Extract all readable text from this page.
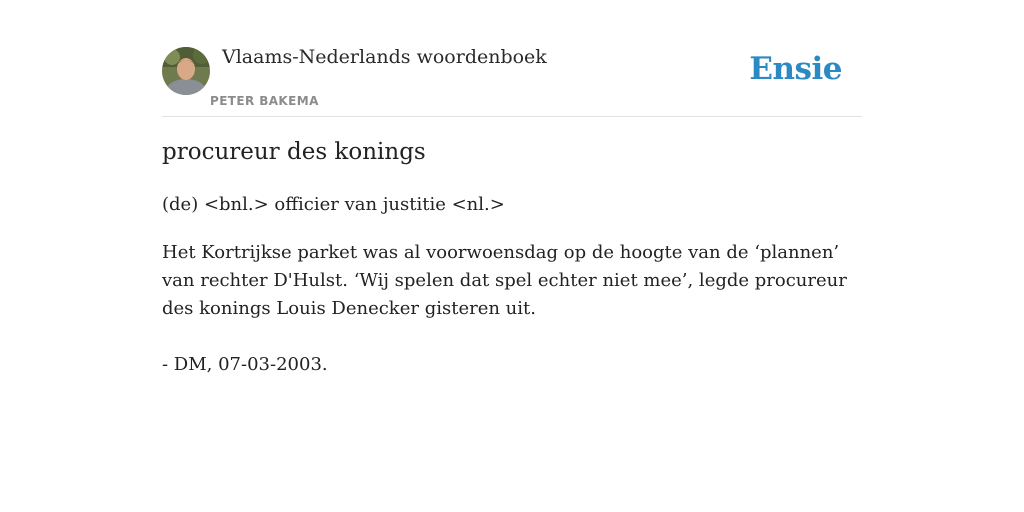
Vlaams-Nederlands woordenboek
PETER BAKEMA
Ensie
procureur des konings
(de) <bnl.> officier van justitie <nl.>
Het Kortrijkse parket was al voorwoensdag op de hoogte van de ‘plannen’ van rechter D'Hulst. ‘Wij spelen dat spel echter niet mee’, legde procureur des konings Louis Denecker gisteren uit.
- DM, 07-03-2003.
